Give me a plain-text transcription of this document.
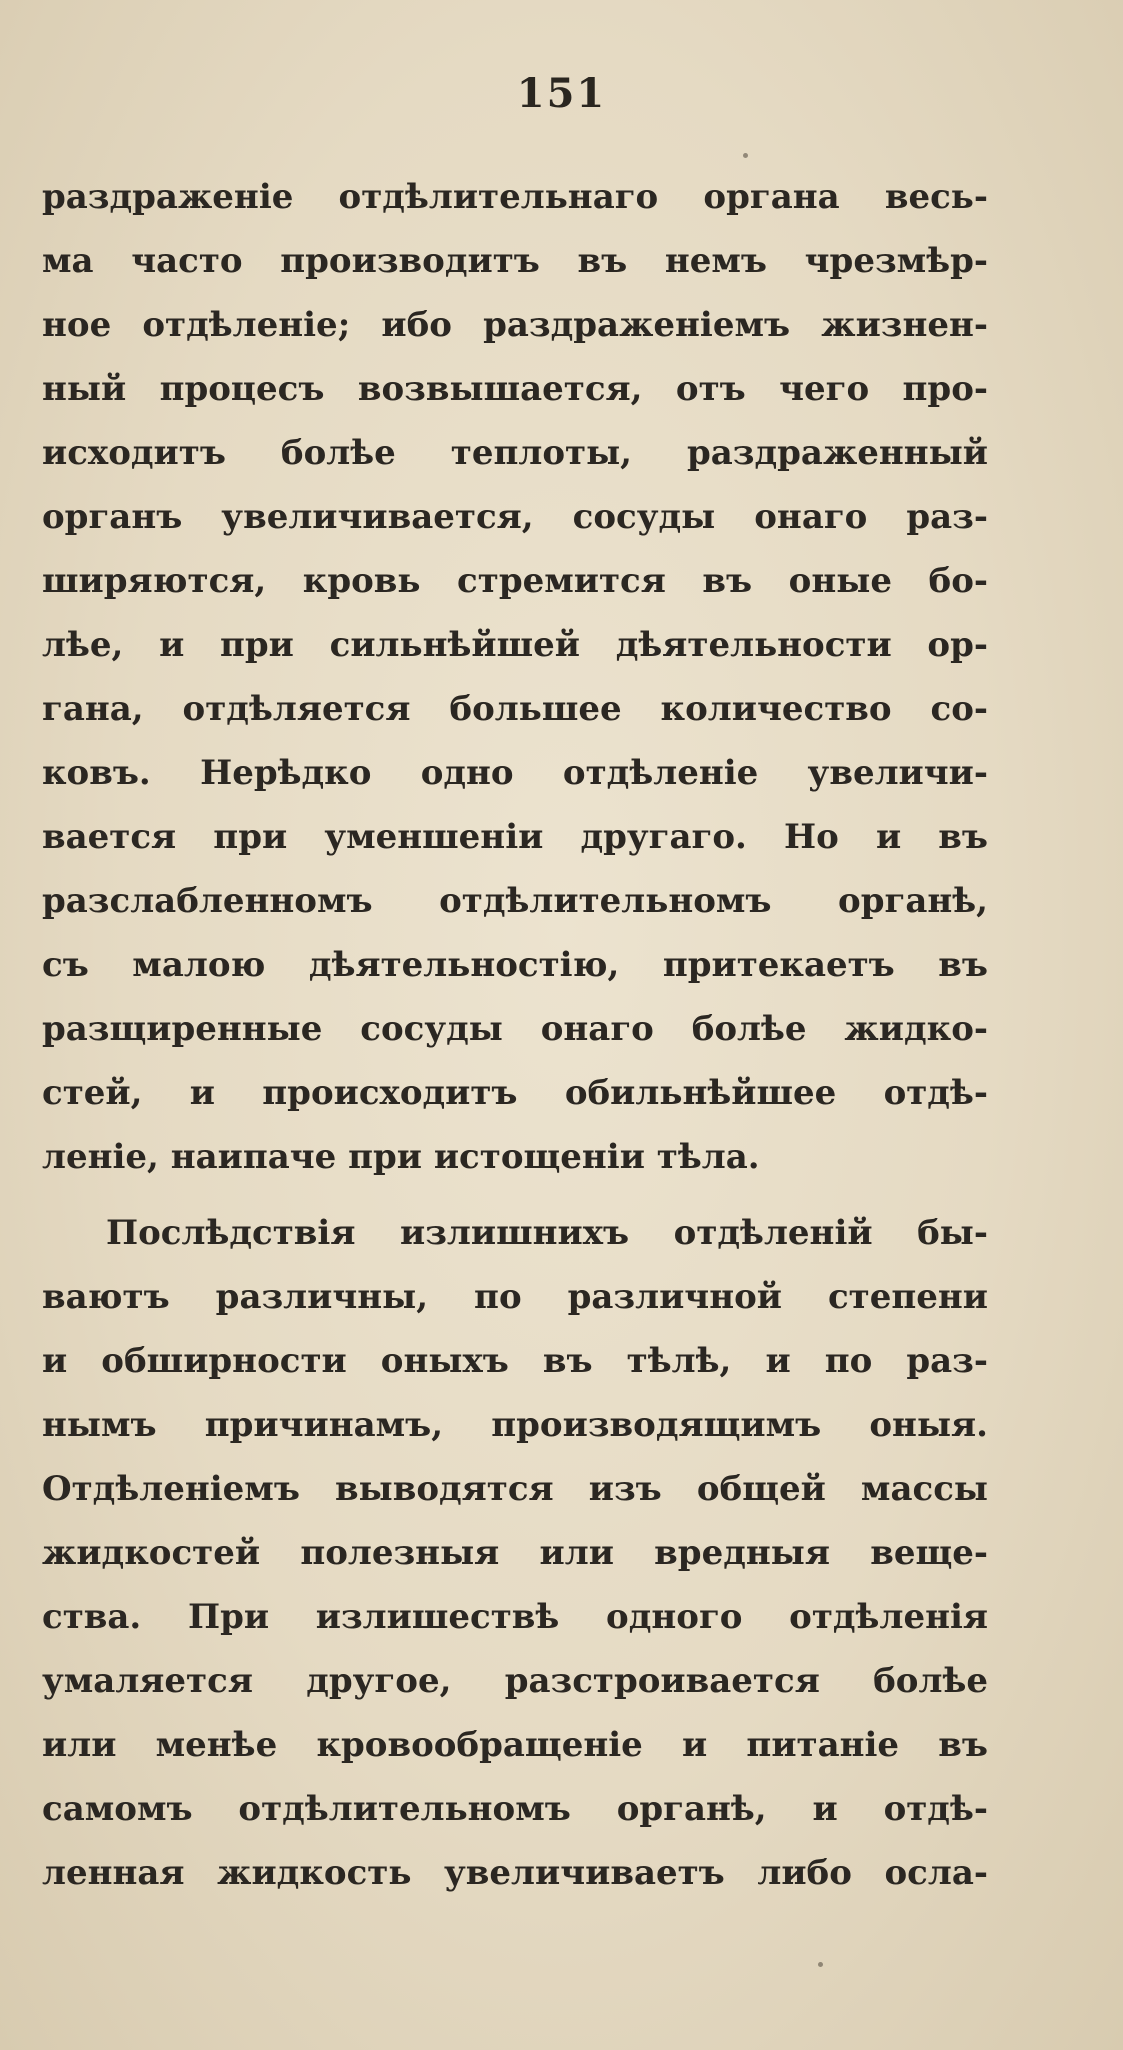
151
раздраженіе отдѣлительнаго органа весь-
ма часто производитъ въ немъ чрезмѣр-
ное отдѣленіе; ибо раздраженіемъ жизнен-
ный процесъ возвышается, отъ чего про-
исходитъ болѣе теплоты, раздраженный
органъ увеличивается, сосуды онаго раз-
ширяются, кровь стремится въ оные бо-
лѣе, и при сильнѣйшей дѣятельности ор-
гана, отдѣляется большее количество со-
ковъ. Нерѣдко одно отдѣленіе увеличи-
вается при уменшеніи другаго. Но и въ
разслабленномъ отдѣлительномъ органѣ,
съ малою дѣятельностію, притекаетъ въ
разщиренные сосуды онаго болѣе жидко-
стей, и происходитъ обильнѣйшее отдѣ-
леніе, наипаче при истощеніи тѣла.
Послѣдствія излишнихъ отдѣленій бы-
ваютъ различны, по различной степени
и обширности оныхъ въ тѣлѣ, и по раз-
нымъ причинамъ, производящимъ оныя.
Отдѣленіемъ выводятся изъ общей массы
жидкостей полезныя или вредныя веще-
ства. При излишествѣ одного отдѣленія
умаляется другое, разстроивается болѣе
или менѣе кровообращеніе и питаніе въ
самомъ отдѣлительномъ органѣ, и отдѣ-
ленная жидкость увеличиваетъ либо осла-
